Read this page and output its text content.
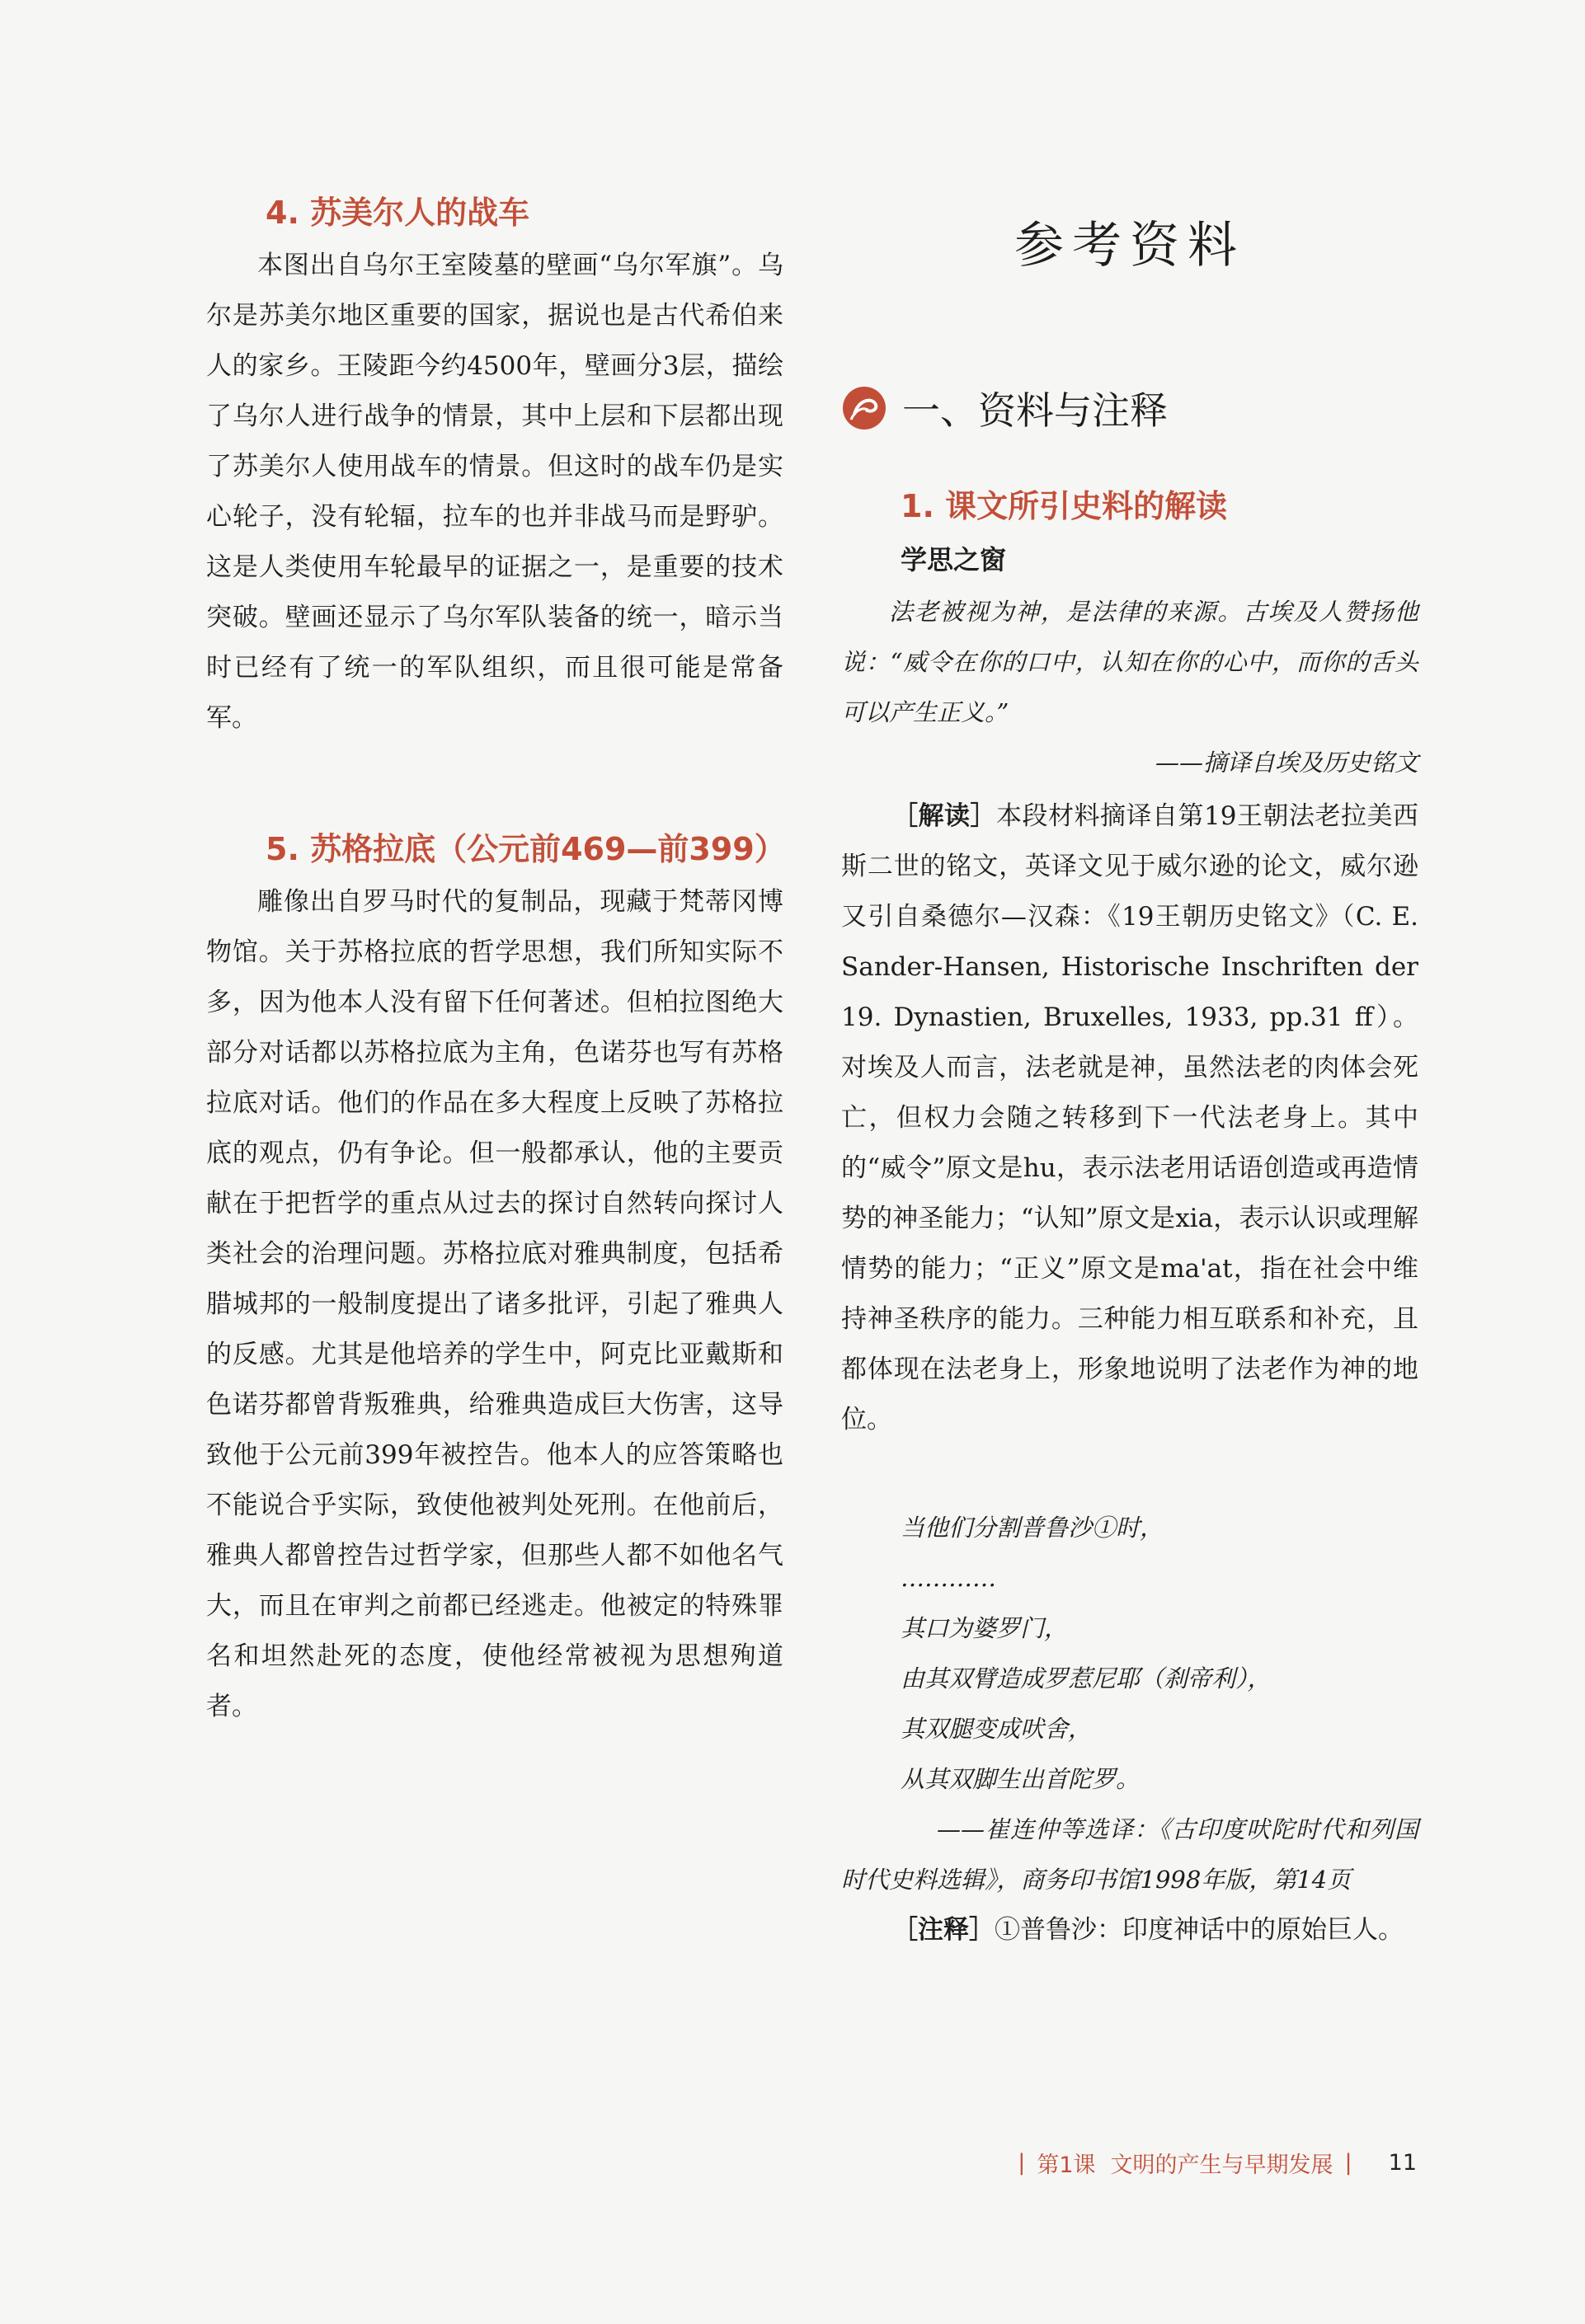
4. 苏美尔人的战车

本图出自乌尔王室陵墓的壁画“乌尔军旗”。乌尔是苏美尔地区重要的国家，据说也是古代希伯来人的家乡。王陵距今约4500年，壁画分3层，描绘了乌尔人进行战争的情景，其中上层和下层都出现了苏美尔人使用战车的情景。但这时的战车仍是实心轮子，没有轮辐，拉车的也并非战马而是野驴。这是人类使用车轮最早的证据之一，是重要的技术突破。壁画还显示了乌尔军队装备的统一，暗示当时已经有了统一的军队组织，而且很可能是常备军。

5. 苏格拉底（公元前469—前399）

雕像出自罗马时代的复制品，现藏于梵蒂冈博物馆。关于苏格拉底的哲学思想，我们所知实际不多，因为他本人没有留下任何著述。但柏拉图绝大部分对话都以苏格拉底为主角，色诺芬也写有苏格拉底对话。他们的作品在多大程度上反映了苏格拉底的观点，仍有争论。但一般都承认，他的主要贡献在于把哲学的重点从过去的探讨自然转向探讨人类社会的治理问题。苏格拉底对雅典制度，包括希腊城邦的一般制度提出了诸多批评，引起了雅典人的反感。尤其是他培养的学生中，阿克比亚戴斯和色诺芬都曾背叛雅典，给雅典造成巨大伤害，这导致他于公元前399年被控告。他本人的应答策略也不能说合乎实际，致使他被判处死刑。在他前后，雅典人都曾控告过哲学家，但那些人都不如他名气大，而且在审判之前都已经逃走。他被定的特殊罪名和坦然赴死的态度，使他经常被视为思想殉道者。

参考资料
一、资料与注释
1. 课文所引史料的解读
学思之窗

法老被视为神，是法律的来源。古埃及人赞扬他说：“威令在你的口中，认知在你的心中，而你的舌头可以产生正义。”

——摘译自埃及历史铭文

［解读］本段材料摘译自第19王朝法老拉美西斯二世的铭文，英译文见于威尔逊的论文，威尔逊又引自桑德尔—汉森：《19王朝历史铭文》（C. E. Sander-Hansen, Historische Inschriften der 19. Dynastien, Bruxelles, 1933, pp.31 ff）。对埃及人而言，法老就是神，虽然法老的肉体会死亡，但权力会随之转移到下一代法老身上。其中的“威令”原文是hu，表示法老用话语创造或再造情势的神圣能力；“认知”原文是xia，表示认识或理解情势的能力；“正义”原文是ma'at，指在社会中维持神圣秩序的能力。三种能力相互联系和补充，且都体现在法老身上，形象地说明了法老作为神的地位。

当他们分割普鲁沙①时，
…………
其口为婆罗门，
由其双臂造成罗惹尼耶（刹帝利），
其双腿变成吠舍，
从其双脚生出首陀罗。

——崔连仲等选译：《古印度吠陀时代和列国时代史料选辑》，商务印书馆1998年版，第14页

［注释］①普鲁沙：印度神话中的原始巨人。

| 第1课 文明的产生与早期发展 | 11
